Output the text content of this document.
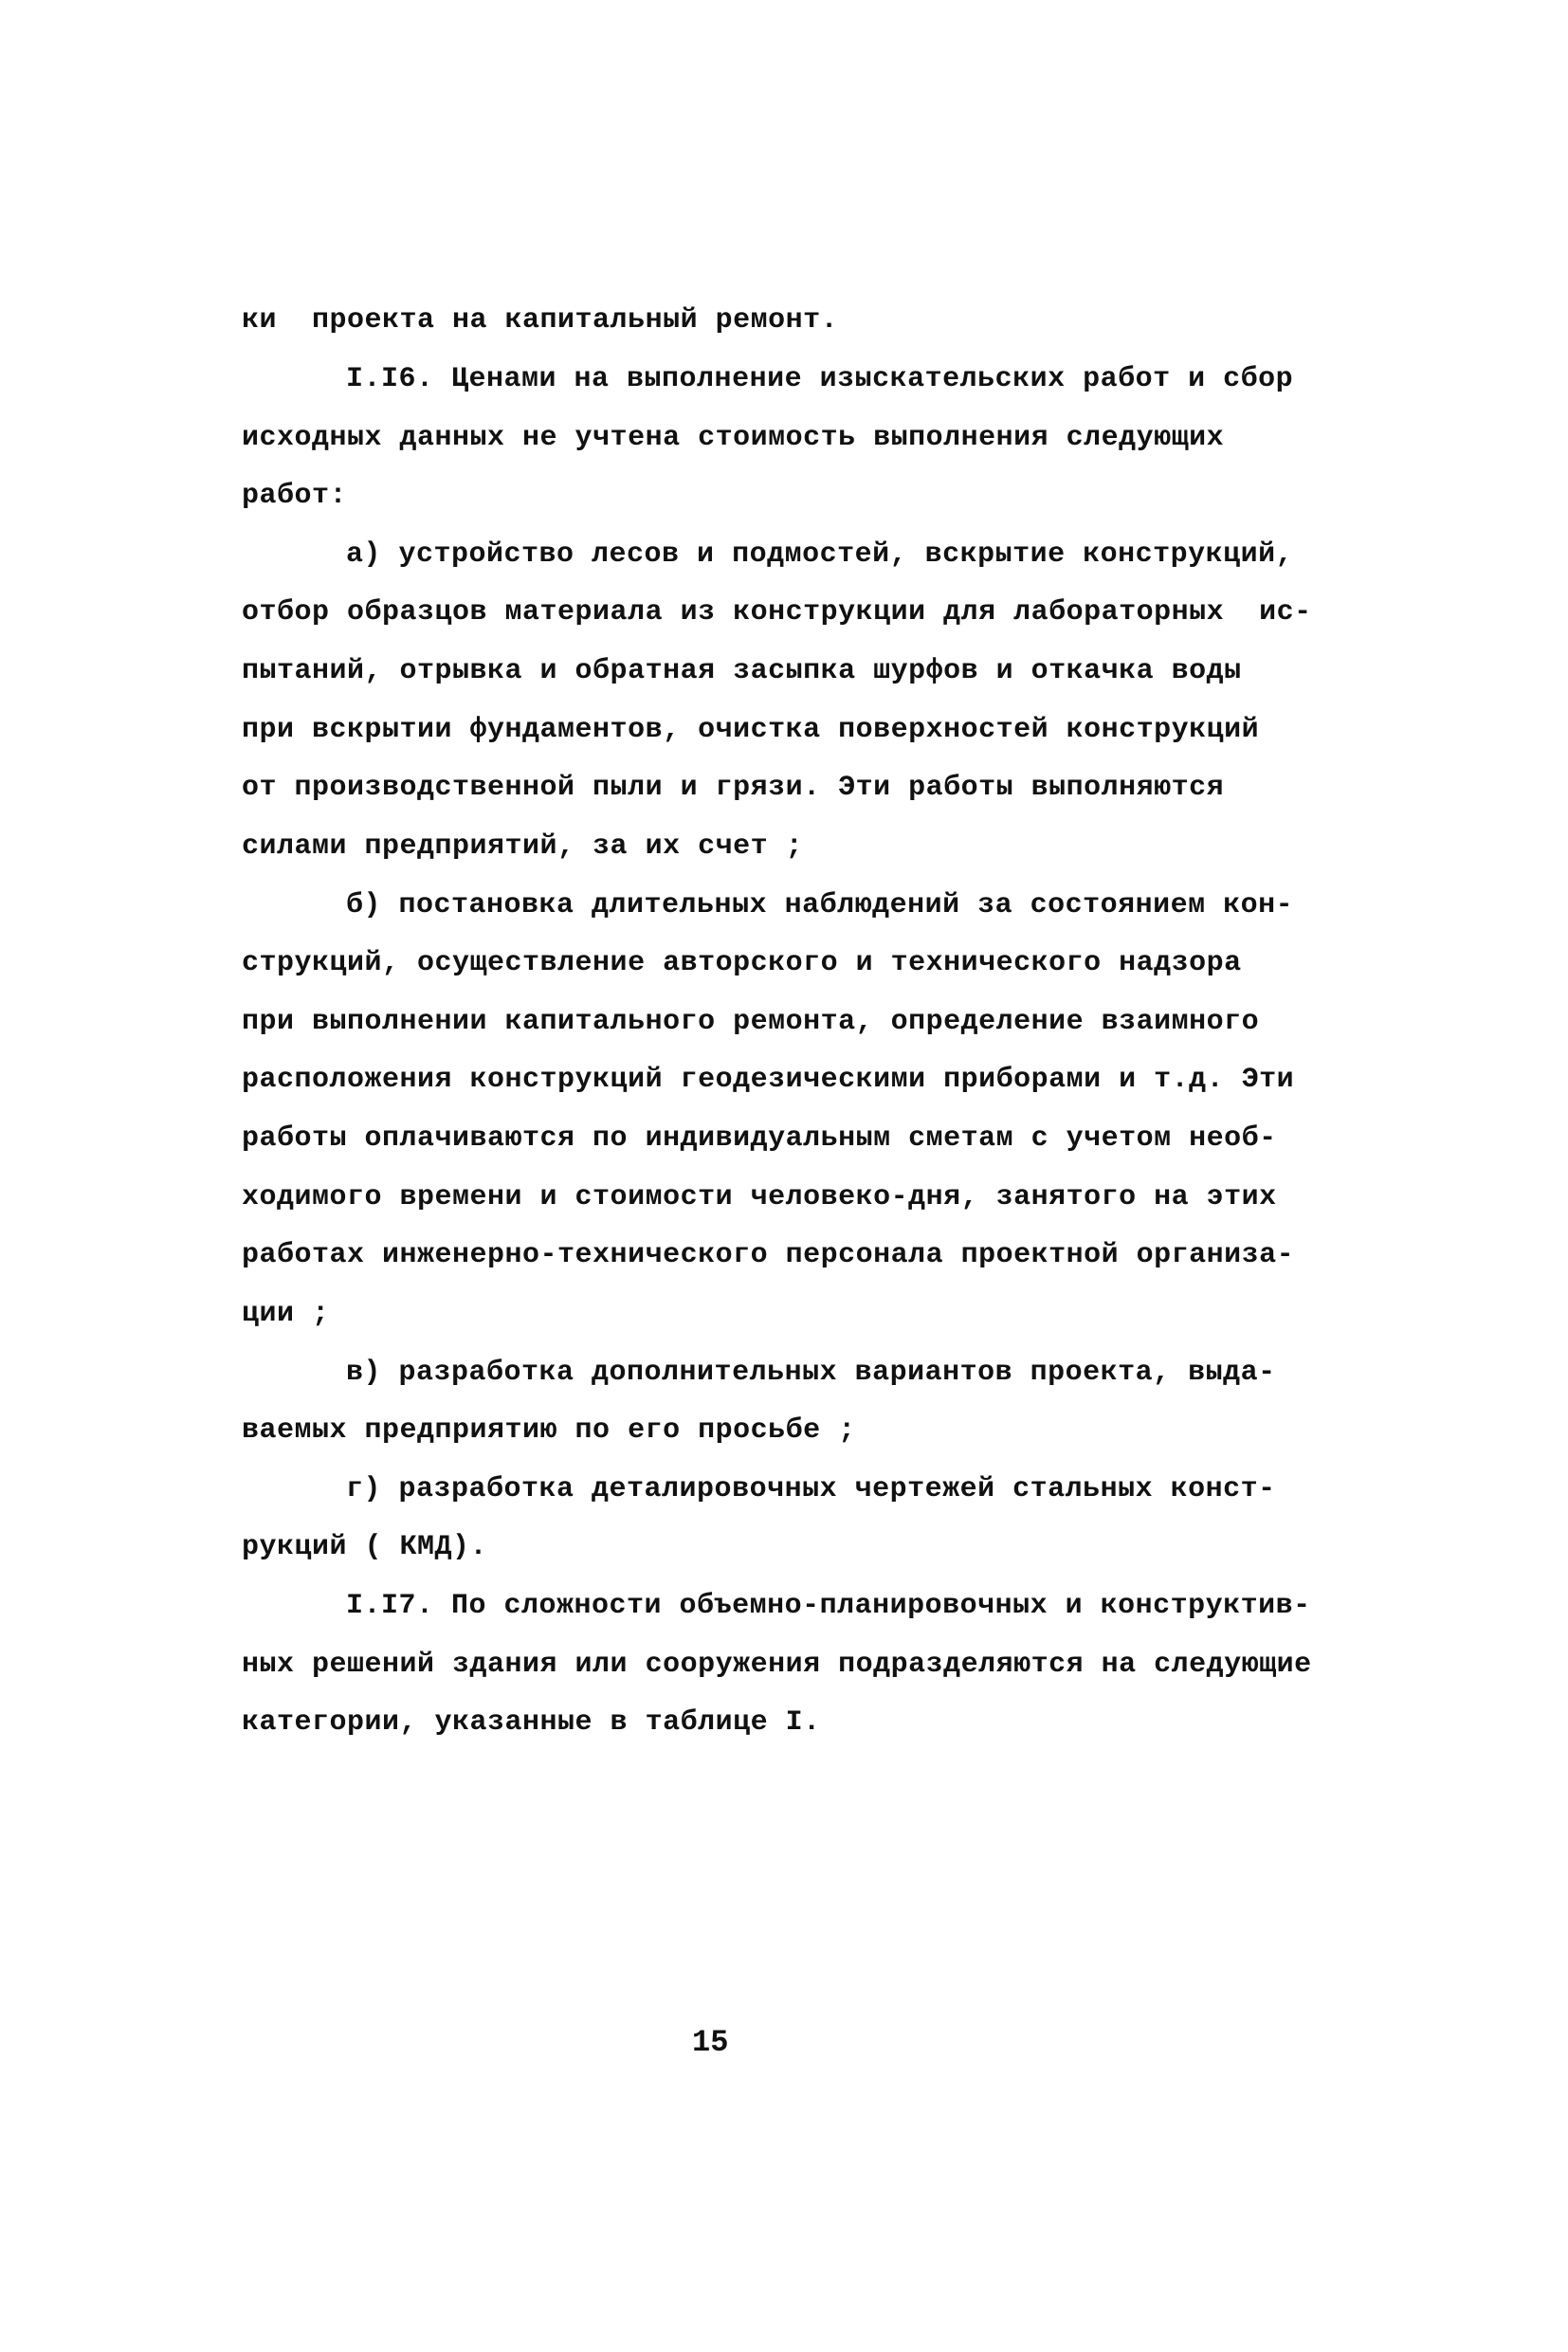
ки  проекта на капитальный ремонт.
I.I6. Ценами на выполнение изыскательских работ и сбор
исходных данных не учтена стоимость выполнения следующих
работ:
а) устройство лесов и подмостей, вскрытие конструкций,
отбор образцов материала из конструкции для лабораторных  ис-
пытаний, отрывка и обратная засыпка шурфов и откачка воды
при вскрытии фундаментов, очистка поверхностей конструкций
от производственной пыли и грязи. Эти работы выполняются
силами предприятий, за их счет ;
б) постановка длительных наблюдений за состоянием кон-
струкций, осуществление авторского и технического надзора
при выполнении капитального ремонта, определение взаимного
расположения конструкций геодезическими приборами и т.д. Эти
работы оплачиваются по индивидуальным сметам с учетом необ-
ходимого времени и стоимости человеко-дня, занятого на этих
работах инженерно-технического персонала проектной организа-
ции ;
в) разработка дополнительных вариантов проекта, выда-
ваемых предприятию по его просьбе ;
г) разработка деталировочных чертежей стальных конст-
рукций ( КМД).
I.I7. По сложности объемно-планировочных и конструктив-
ных решений здания или сооружения подразделяются на следующие
категории, указанные в таблице I.
15
